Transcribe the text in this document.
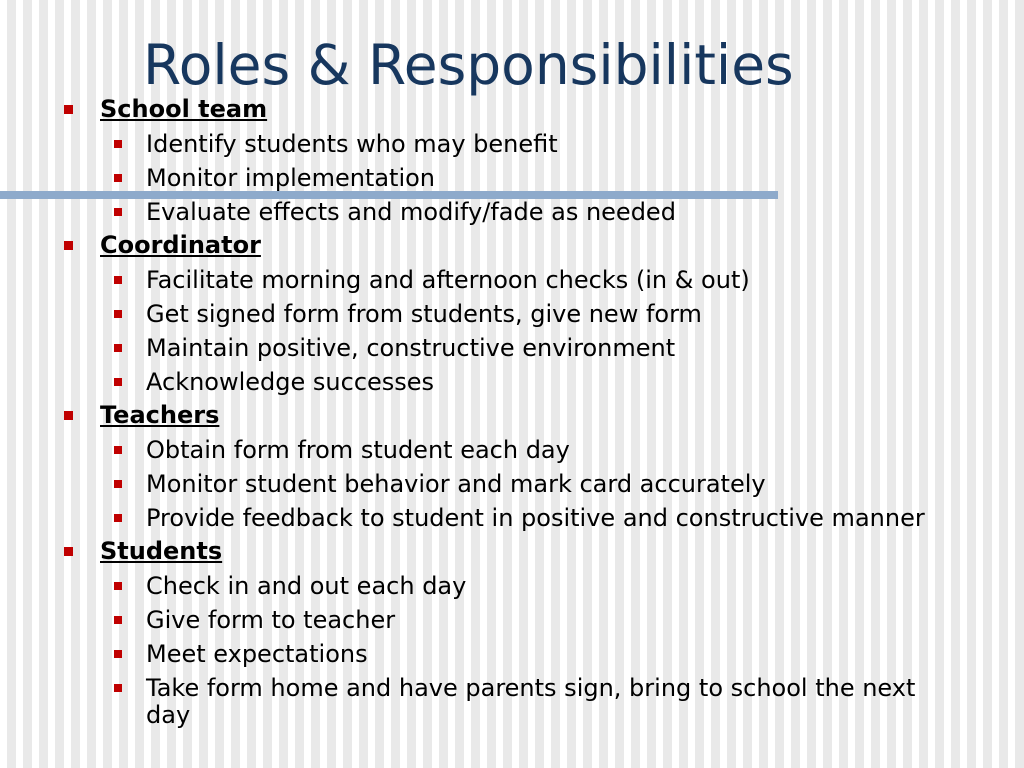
Roles & Responsibilities
School team
Identify students who may benefit
Monitor implementation
Evaluate effects and modify/fade as needed
Coordinator
Facilitate morning and afternoon checks (in & out)
Get signed form from students, give new form
Maintain positive, constructive environment
Acknowledge successes
Teachers
Obtain form from student each day
Monitor student behavior and mark card accurately
Provide feedback to student in positive and constructive manner
Students
Check in and out each day
Give form to teacher
Meet expectations
Take form home and have parents sign, bring to school the next day
